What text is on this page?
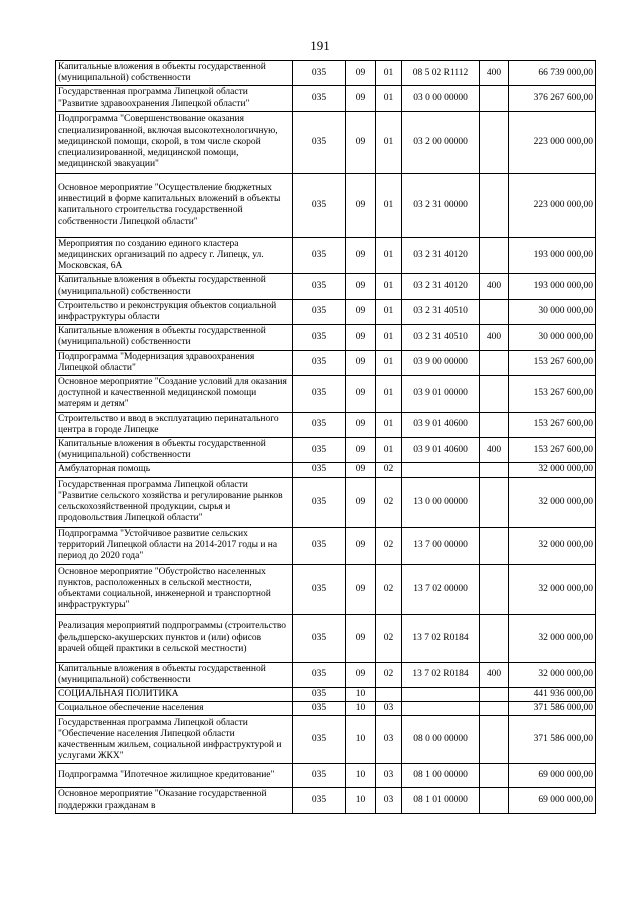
191
Капитальные вложения в объекты государственной (муниципальной) собственности	035	09	01	08 5 02 R1112	400	66 739 000,00
Государственная программа Липецкой области "Развитие здравоохранения Липецкой области"	035	09	01	03 0 00 00000		376 267 600,00
Подпрограмма "Совершенствование оказания специализированной, включая высокотехнологичную, медицинской помощи, скорой, в том числе скорой специализированной, медицинской помощи, медицинской эвакуации"	035	09	01	03 2 00 00000		223 000 000,00
Основное мероприятие "Осуществление бюджетных инвестиций в форме капитальных вложений в объекты капитального строительства государственной собственности Липецкой области"	035	09	01	03 2 31 00000		223 000 000,00
Мероприятия по созданию единого кластера медицинских организаций по адресу г. Липецк, ул. Московская, 6А	035	09	01	03 2 31 40120		193 000 000,00
Капитальные вложения в объекты государственной (муниципальной) собственности	035	09	01	03 2 31 40120	400	193 000 000,00
Строительство и реконструкция объектов социальной инфраструктуры области	035	09	01	03 2 31 40510		30 000 000,00
Капитальные вложения в объекты государственной (муниципальной) собственности	035	09	01	03 2 31 40510	400	30 000 000,00
Подпрограмма "Модернизация здравоохранения Липецкой области"	035	09	01	03 9 00 00000		153 267 600,00
Основное мероприятие "Создание условий для оказания доступной и качественной медицинской помощи матерям и детям"	035	09	01	03 9 01 00000		153 267 600,00
Строительство и ввод в эксплуатацию перинатального центра в городе Липецке	035	09	01	03 9 01 40600		153 267 600,00
Капитальные вложения в объекты государственной (муниципальной) собственности	035	09	01	03 9 01 40600	400	153 267 600,00
Амбулаторная помощь	035	09	02			32 000 000,00
Государственная программа Липецкой области "Развитие сельского хозяйства и регулирование рынков сельскохозяйственной продукции, сырья и продовольствия Липецкой области"	035	09	02	13 0 00 00000		32 000 000,00
Подпрограмма "Устойчивое развитие сельских территорий Липецкой области на 2014-2017 годы и на период до 2020 года"	035	09	02	13 7 00 00000		32 000 000,00
Основное мероприятие "Обустройство населенных пунктов, расположенных в сельской местности, объектами социальной, инженерной и транспортной инфраструктуры"	035	09	02	13 7 02 00000		32 000 000,00
Реализация мероприятий подпрограммы (строительство фельдшерско-акушерских пунктов и (или) офисов врачей общей практики в сельской местности)	035	09	02	13 7 02 R0184		32 000 000,00
Капитальные вложения в объекты государственной (муниципальной) собственности	035	09	02	13 7 02 R0184	400	32 000 000,00
СОЦИАЛЬНАЯ ПОЛИТИКА	035	10				441 936 000,00
Социальное обеспечение населения	035	10	03			371 586 000,00
Государственная программа Липецкой области "Обеспечение населения Липецкой области качественным жильем, социальной инфраструктурой и услугами ЖКХ"	035	10	03	08 0 00 00000		371 586 000,00
Подпрограмма "Ипотечное жилищное кредитование"	035	10	03	08 1 00 00000		69 000 000,00
Основное мероприятие "Оказание государственной поддержки гражданам в	035	10	03	08 1 01 00000		69 000 000,00
